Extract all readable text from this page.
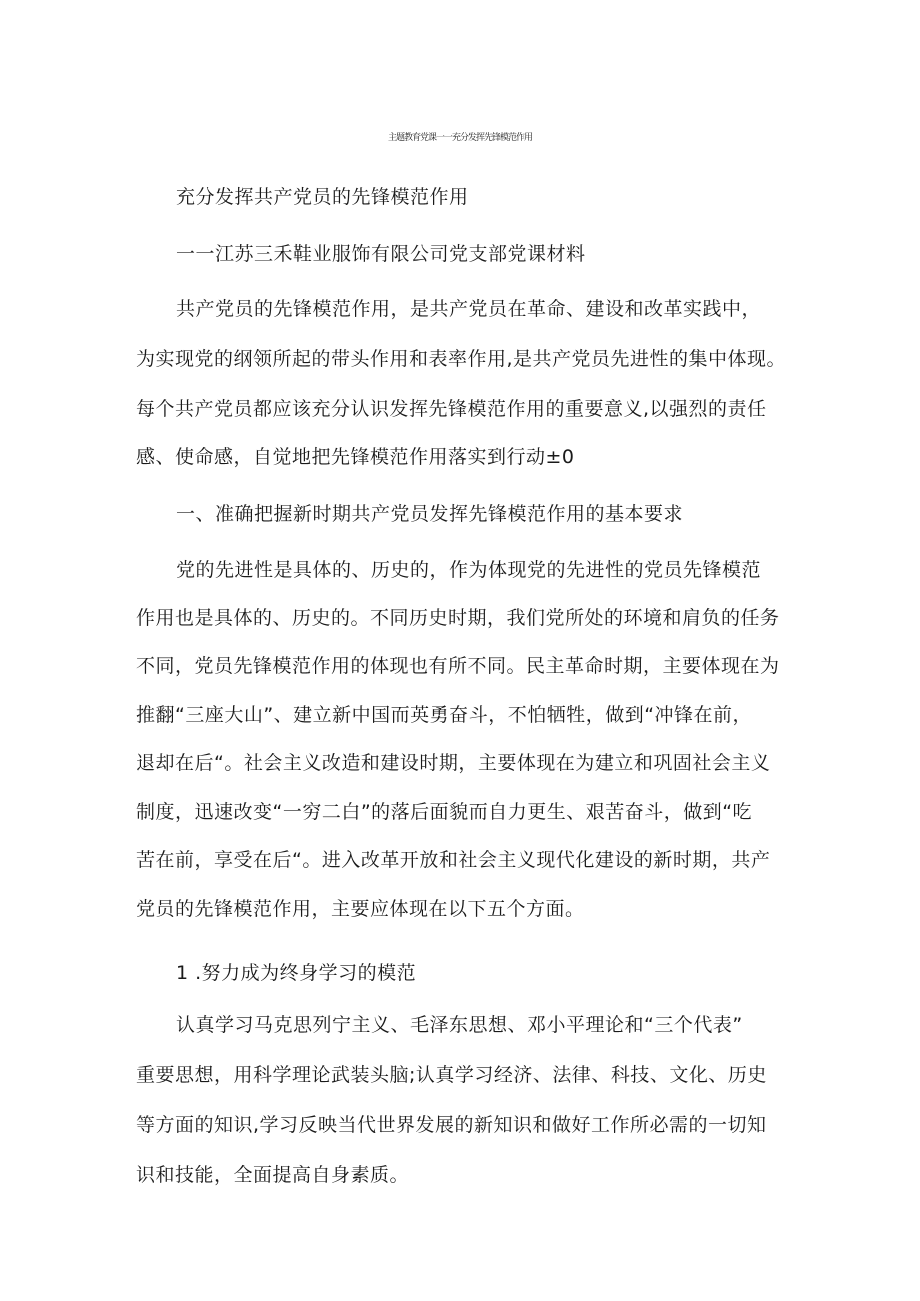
主题教育党课一一充分发挥先锋模范作用
充分发挥共产党员的先锋模范作用
一一江苏三禾鞋业服饰有限公司党支部党课材料
共产党员的先锋模范作用，是共产党员在革命、建设和改革实践中，
为实现党的纲领所起的带头作用和表率作用,是共产党员先进性的集中体现。
每个共产党员都应该充分认识发挥先锋模范作用的重要意义,以强烈的责任
感、使命感，自觉地把先锋模范作用落实到行动±0
一、准确把握新时期共产党员发挥先锋模范作用的基本要求
党的先进性是具体的、历史的，作为体现党的先进性的党员先锋模范
作用也是具体的、历史的。不同历史时期，我们党所处的环境和肩负的任务
不同，党员先锋模范作用的体现也有所不同。民主革命时期，主要体现在为
推翻“三座大山”、建立新中国而英勇奋斗，不怕牺牲，做到“冲锋在前，
退却在后“。社会主义改造和建设时期，主要体现在为建立和巩固社会主义
制度，迅速改变“一穷二白”的落后面貌而自力更生、艰苦奋斗，做到“吃
苦在前，享受在后“。进入改革开放和社会主义现代化建设的新时期，共产
党员的先锋模范作用，主要应体现在以下五个方面。
1 .努力成为终身学习的模范
认真学习马克思列宁主义、毛泽东思想、邓小平理论和“三个代表”
重要思想，用科学理论武装头脑;认真学习经济、法律、科技、文化、历史
等方面的知识,学习反映当代世界发展的新知识和做好工作所必需的一切知
识和技能，全面提高自身素质。
